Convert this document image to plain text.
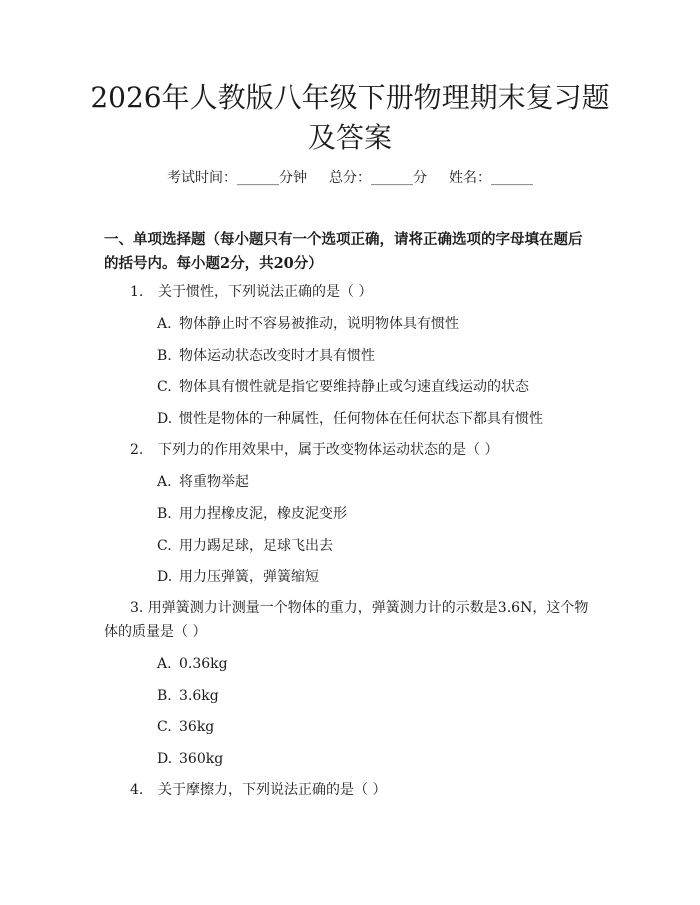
2026年人教版八年级下册物理期末复习题及答案
考试时间：______分钟 总分：______分 姓名：______
一、单项选择题（每小题只有一个选项正确，请将正确选项的字母填在题后的括号内。每小题2分，共20分）
1. 关于惯性，下列说法正确的是（ ）
A. 物体静止时不容易被推动，说明物体具有惯性
B. 物体运动状态改变时才具有惯性
C. 物体具有惯性就是指它要维持静止或匀速直线运动的状态
D. 惯性是物体的一种属性，任何物体在任何状态下都具有惯性
2. 下列力的作用效果中，属于改变物体运动状态的是（ ）
A. 将重物举起
B. 用力捏橡皮泥，橡皮泥变形
C. 用力踢足球，足球飞出去
D. 用力压弹簧，弹簧缩短
3. 用弹簧测力计测量一个物体的重力，弹簧测力计的示数是3.6N，这个物体的质量是（ ）
A. 0.36kg
B. 3.6kg
C. 36kg
D. 360kg
4. 关于摩擦力，下列说法正确的是（ ）
